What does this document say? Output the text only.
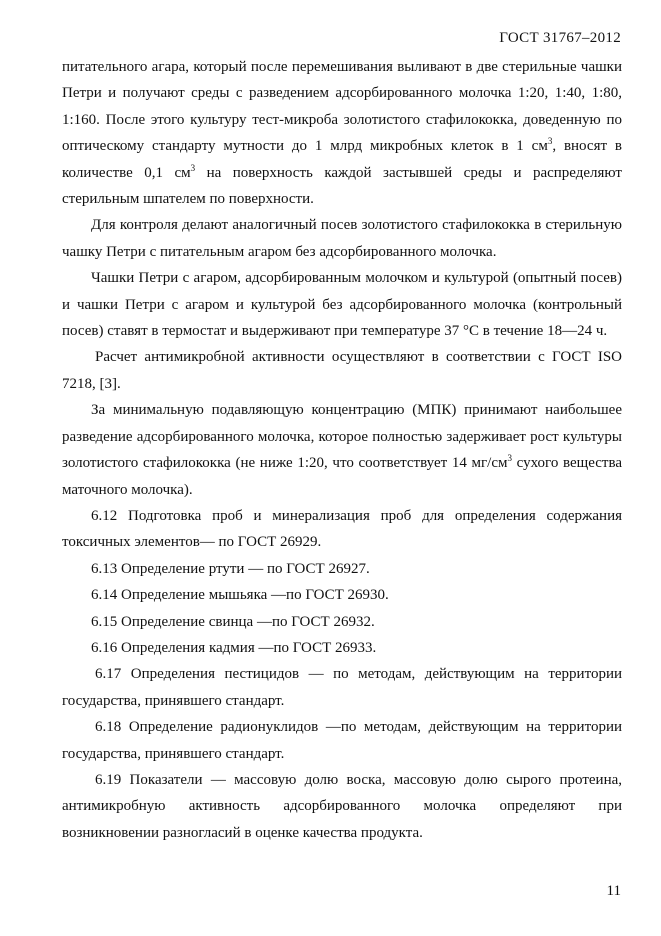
ГОСТ 31767–2012

питательного агара, который после перемешивания выливают в две стерильные чашки Петри и получают среды с разведением адсорбированного молочка 1:20, 1:40, 1:80, 1:160. После этого культуру тест-микроба золотистого стафилококка, доведенную по оптическому стандарту мутности до 1 млрд микробных клеток в 1 $см^3$, вносят в количестве 0,1 $см^3$ на поверхность каждой застывшей среды и распределяют стерильным шпателем по поверхности.

Для контроля делают аналогичный посев золотистого стафилококка в стерильную чашку Петри с питательным агаром без адсорбированного молочка.

Чашки Петри с агаром, адсорбированным молочком и культурой (опытный посев) и чашки Петри с агаром и культурой без адсорбированного молочка (контрольный посев) ставят в термостат и выдерживают при температуре 37 °С в течение 18—24 ч.

Расчет антимикробной активности осуществляют в соответствии с ГОСТ ISO 7218, [3].

За минимальную подавляющую концентрацию (МПК) принимают наибольшее разведение адсорбированного молочка, которое полностью задерживает рост культуры золотистого стафилококка (не ниже 1:20, что соответствует 14 $мг/см^3$ сухого вещества маточного молочка).

6.12 Подготовка проб и минерализация проб для определения содержания токсичных элементов— по ГОСТ 26929.

6.13 Определение ртути — по ГОСТ 26927.

6.14 Определение мышьяка —по ГОСТ 26930.

6.15 Определение свинца —по ГОСТ 26932.

6.16 Определения кадмия —по ГОСТ 26933.

6.17 Определения пестицидов — по методам, действующим на территории государства, принявшего стандарт.

6.18 Определение радионуклидов —по методам, действующим на территории государства, принявшего стандарт.

6.19 Показатели — массовую долю воска, массовую долю сырого протеина, антимикробную активность адсорбированного молочка определяют при возникновении разногласий в оценке качества продукта.

11
